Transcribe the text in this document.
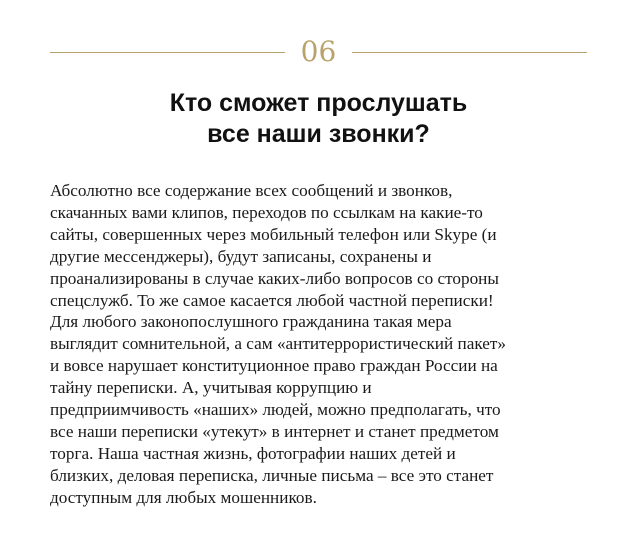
06
Кто сможет прослушать
все наши звонки?
Абсолютно все содержание всех сообщений и звонков,
скачанных вами клипов, переходов по ссылкам на какие-то
сайты, совершенных через мобильный телефон или Skype (и
другие мессенджеры), будут записаны, сохранены и
проанализированы в случае каких-либо вопросов со стороны
спецслужб. То же самое касается любой частной переписки!
Для любого законопослушного гражданина такая мера
выглядит сомнительной, а сам «антитеррористический пакет»
и вовсе нарушает конституционное право граждан России на
тайну переписки. А, учитывая коррупцию и
предприимчивость «наших» людей, можно предполагать, что
все наши переписки «утекут» в интернет и станет предметом
торга. Наша частная жизнь, фотографии наших детей и
близких, деловая переписка, личные письма – все это станет
доступным для любых мошенников.
